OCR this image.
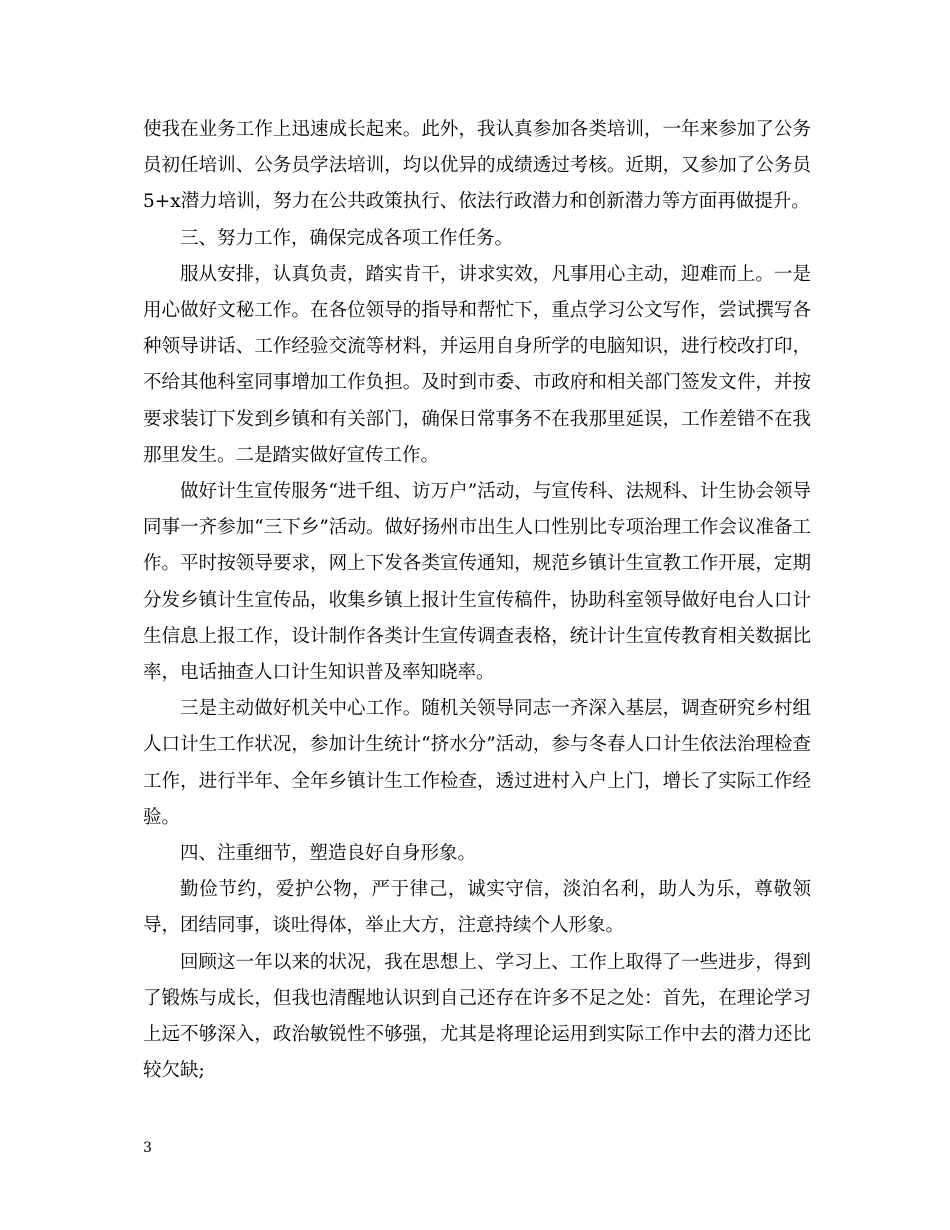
使我在业务工作上迅速成长起来。此外，我认真参加各类培训，一年来参加了公务员初任培训、公务员学法培训，均以优异的成绩透过考核。近期，又参加了公务员5+x潜力培训，努力在公共政策执行、依法行政潜力和创新潜力等方面再做提升。

三、努力工作，确保完成各项工作任务。

服从安排，认真负责，踏实肯干，讲求实效，凡事用心主动，迎难而上。一是用心做好文秘工作。在各位领导的指导和帮忙下，重点学习公文写作，尝试撰写各种领导讲话、工作经验交流等材料，并运用自身所学的电脑知识，进行校改打印，不给其他科室同事增加工作负担。及时到市委、市政府和相关部门签发文件，并按要求装订下发到乡镇和有关部门，确保日常事务不在我那里延误，工作差错不在我那里发生。二是踏实做好宣传工作。

做好计生宣传服务“进千组、访万户”活动，与宣传科、法规科、计生协会领导同事一齐参加“三下乡”活动。做好扬州市出生人口性别比专项治理工作会议准备工作。平时按领导要求，网上下发各类宣传通知，规范乡镇计生宣教工作开展，定期分发乡镇计生宣传品，收集乡镇上报计生宣传稿件，协助科室领导做好电台人口计生信息上报工作，设计制作各类计生宣传调查表格，统计计生宣传教育相关数据比率，电话抽查人口计生知识普及率知晓率。

三是主动做好机关中心工作。随机关领导同志一齐深入基层，调查研究乡村组人口计生工作状况，参加计生统计“挤水分”活动，参与冬春人口计生依法治理检查工作，进行半年、全年乡镇计生工作检查，透过进村入户上门，增长了实际工作经验。

四、注重细节，塑造良好自身形象。

勤俭节约，爱护公物，严于律己，诚实守信，淡泊名利，助人为乐，尊敬领导，团结同事，谈吐得体，举止大方，注意持续个人形象。

回顾这一年以来的状况，我在思想上、学习上、工作上取得了一些进步，得到了锻炼与成长，但我也清醒地认识到自己还存在许多不足之处：首先，在理论学习上远不够深入，政治敏锐性不够强，尤其是将理论运用到实际工作中去的潜力还比较欠缺;

3
